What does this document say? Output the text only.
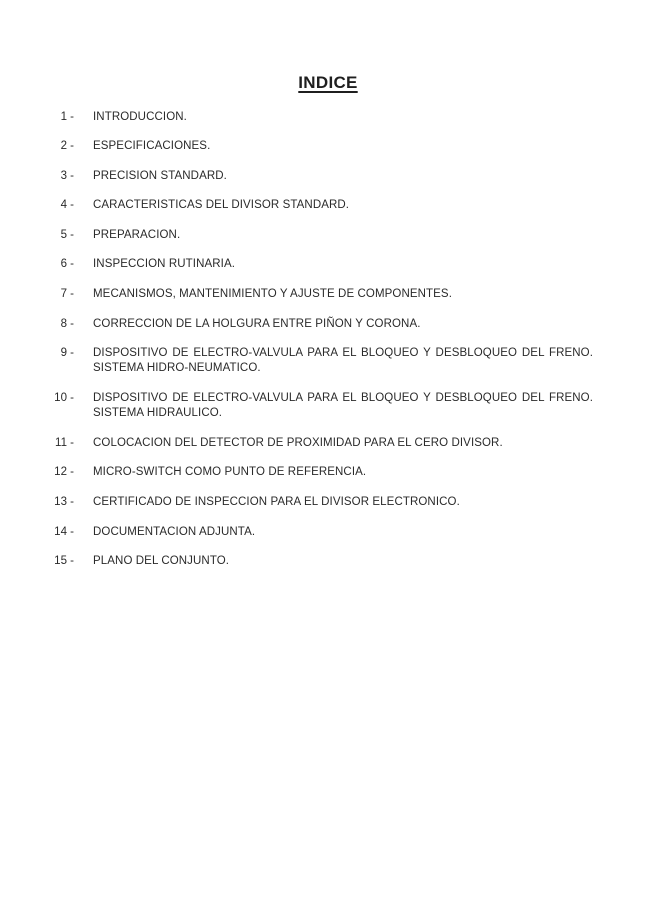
INDICE
1 - INTRODUCCION.
2 - ESPECIFICACIONES.
3 - PRECISION STANDARD.
4 - CARACTERISTICAS DEL DIVISOR STANDARD.
5 - PREPARACION.
6 - INSPECCION RUTINARIA.
7 - MECANISMOS, MANTENIMIENTO Y AJUSTE DE COMPONENTES.
8 - CORRECCION DE LA HOLGURA ENTRE PIÑON Y CORONA.
9 - DISPOSITIVO DE ELECTRO-VALVULA PARA EL BLOQUEO Y DESBLOQUEO DEL FRENO. SISTEMA HIDRO-NEUMATICO.
10 - DISPOSITIVO DE ELECTRO-VALVULA PARA EL BLOQUEO Y DESBLOQUEO DEL FRENO. SISTEMA HIDRAULICO.
11 - COLOCACION DEL DETECTOR DE PROXIMIDAD PARA EL CERO DIVISOR.
12 - MICRO-SWITCH COMO PUNTO DE REFERENCIA.
13 - CERTIFICADO DE INSPECCION PARA EL DIVISOR ELECTRONICO.
14 - DOCUMENTACION ADJUNTA.
15 - PLANO DEL CONJUNTO.
